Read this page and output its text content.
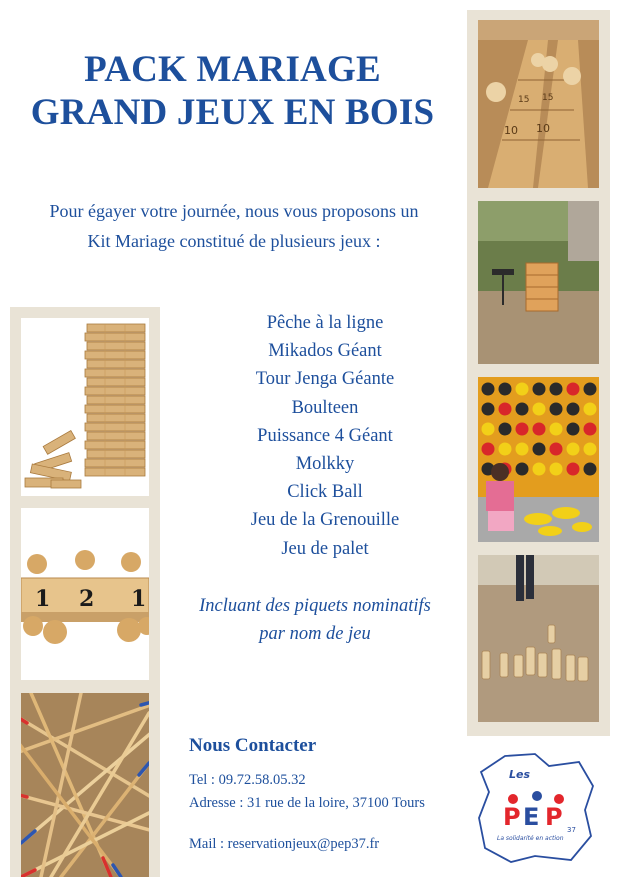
PACK MARIAGE
GRAND JEUX EN BOIS
Pour égayer votre journée, nous vous proposons un
Kit Mariage constitué de plusieurs jeux :
Pêche à la ligne
Mikados Géant
Tour Jenga Géante
Boulteen
Puissance 4 Géant
Molkky
Click Ball
Jeu de la Grenouille
Jeu de palet
Incluant des piquets nominatifs
par nom de jeu
Nous Contacter
Tel : 09.72.58.05.32
Adresse : 31 rue de la loire, 37100 Tours
Mail : reservationjeux@pep37.fr
1 2 1
15 15
10 10
Les
P E P 37
La solidarité en action
